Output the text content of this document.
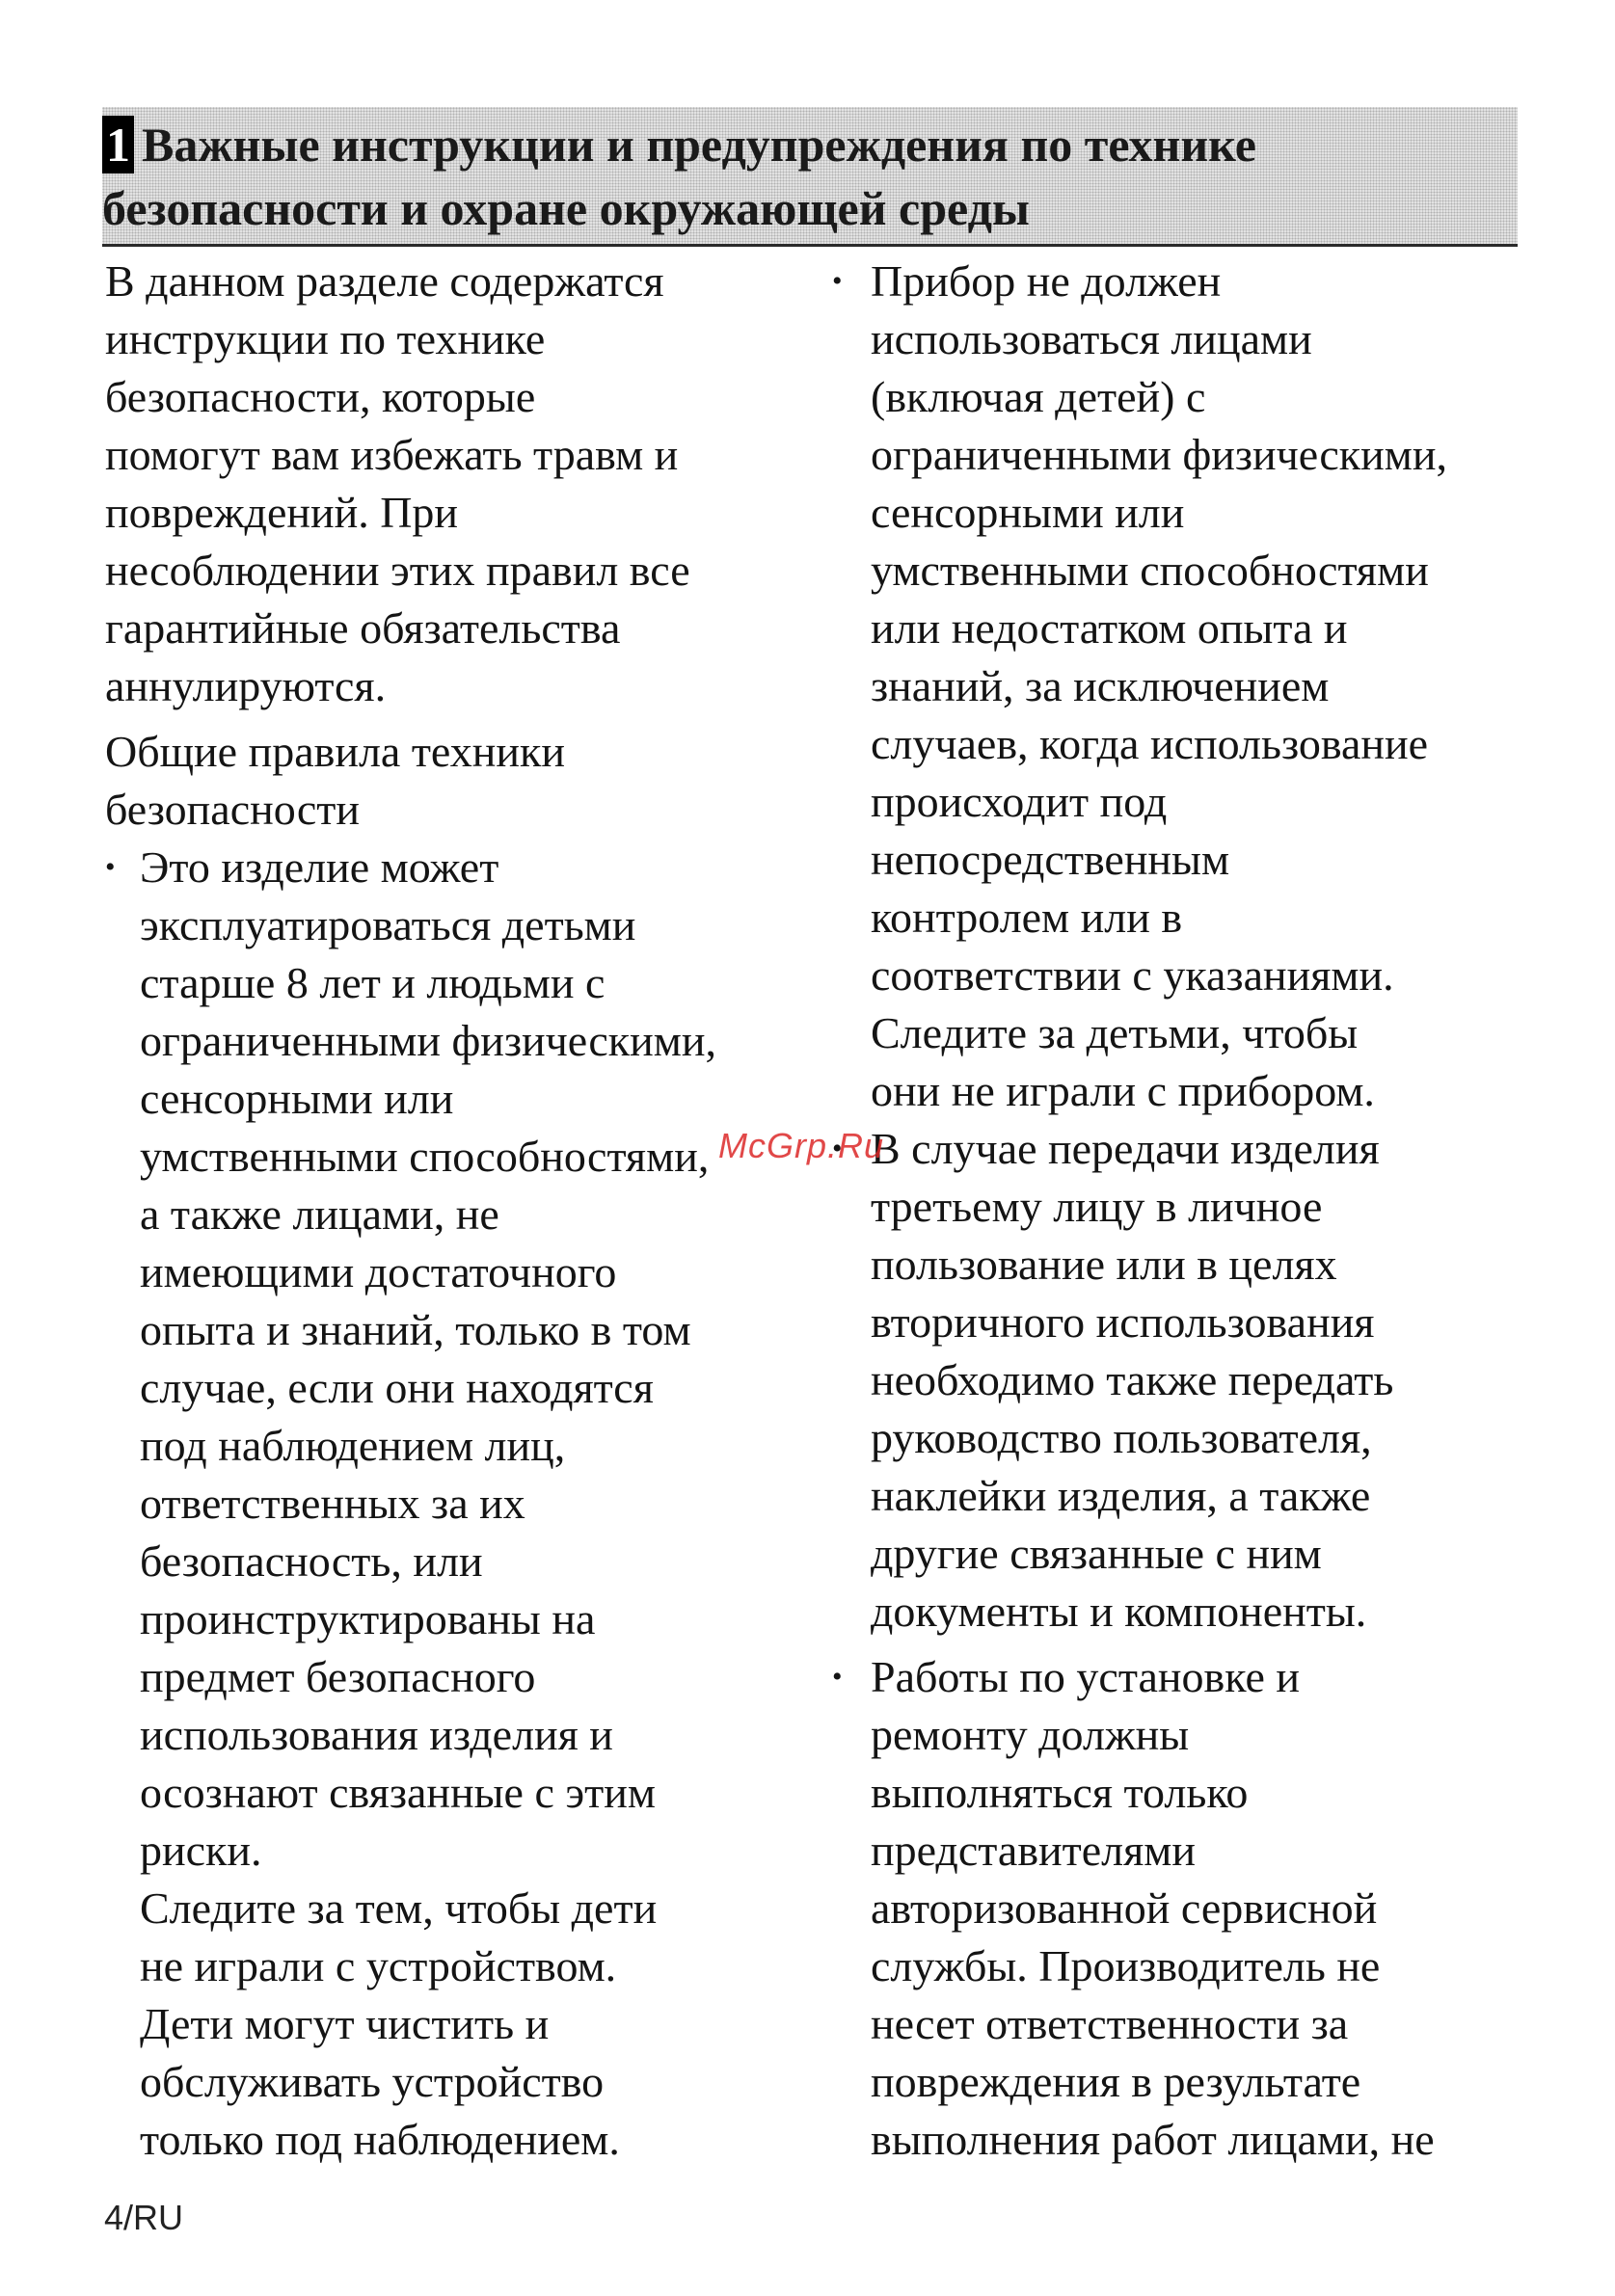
1 Важные инструкции и предупреждения по технике
безопасности и охране окружающей среды

В данном разделе содержатся
инструкции по технике
безопасности, которые
помогут вам избежать травм и
повреждений. При
несоблюдении этих правил все
гарантийные обязательства
аннулируются.

Общие правила техники
безопасности

• Это изделие может
эксплуатироваться детьми
старше 8 лет и людьми с
ограниченными физическими,
сенсорными или
умственными способностями,
а также лицами, не
имеющими достаточного
опыта и знаний, только в том
случае, если они находятся
под наблюдением лиц,
ответственных за их
безопасность, или
проинструктированы на
предмет безопасного
использования изделия и
осознают связанные с этим
риски.
Следите за тем, чтобы дети
не играли с устройством.
Дети могут чистить и
обслуживать устройство
только под наблюдением.
• Прибор не должен
использоваться лицами
(включая детей) с
ограниченными физическими,
сенсорными или
умственными способностями
или недостатком опыта и
знаний, за исключением
случаев, когда использование
происходит под
непосредственным
контролем или в
соответствии с указаниями.
Следите за детьми, чтобы
они не играли с прибором.
• В случае передачи изделия
третьему лицу в личное
пользование или в целях
вторичного использования
необходимо также передать
руководство пользователя,
наклейки изделия, а также
другие связанные с ним
документы и компоненты.
• Работы по установке и
ремонту должны
выполняться только
представителями
авторизованной сервисной
службы. Производитель не
несет ответственности за
повреждения в результате
выполнения работ лицами, не
McGrp.Ru
4/RU
